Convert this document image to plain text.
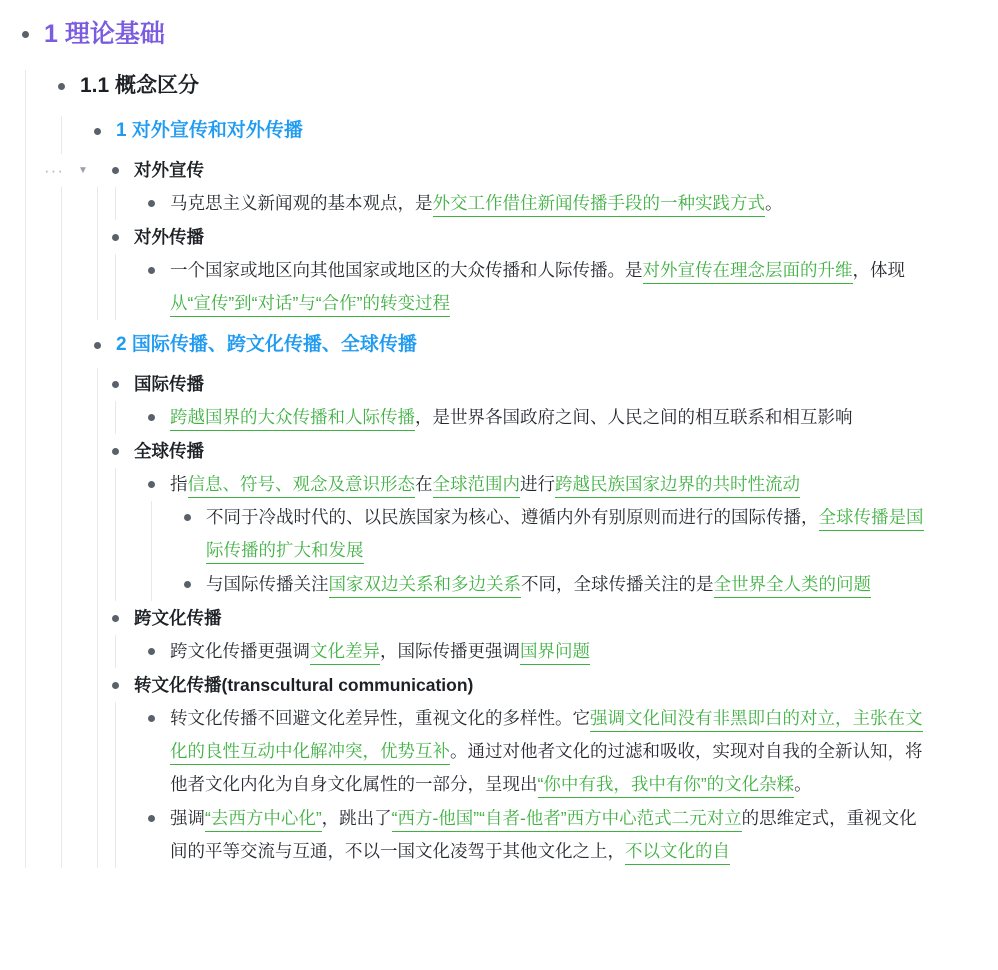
1 理论基础
1.1 概念区分
1 对外宣传和对外传播
··· ▼	对外宣传
马克思主义新闻观的基本观点，是外交工作借住新闻传播手段的一种实践方式。
对外传播
一个国家或地区向其他国家或地区的大众传播和人际传播。是对外宣传在理念层面的升维，体现从“宣传”到“对话”与“合作”的转变过程
2 国际传播、跨文化传播、全球传播
国际传播
跨越国界的大众传播和人际传播，是世界各国政府之间、人民之间的相互联系和相互影响
全球传播
指信息、符号、观念及意识形态在全球范围内进行跨越民族国家边界的共时性流动
不同于冷战时代的、以民族国家为核心、遵循内外有别原则而进行的国际传播，全球传播是国际传播的扩大和发展
与国际传播关注国家双边关系和多边关系不同，全球传播关注的是全世界全人类的问题
跨文化传播
跨文化传播更强调文化差异，国际传播更强调国界问题
转文化传播(transcultural communication)
转文化传播不回避文化差异性，重视文化的多样性。它强调文化间没有非黑即白的对立，主张在文化的良性互动中化解冲突，优势互补。通过对他者文化的过滤和吸收，实现对自我的全新认知，将他者文化内化为自身文化属性的一部分，呈现出“你中有我，我中有你”的文化杂糅。
强调“去西方中心化”，跳出了“西方-他国”“自者-他者”西方中心范式二元对立的思维定式，重视文化间的平等交流与互通，不以一国文化凌驾于其他文化之上，不以文化的自
